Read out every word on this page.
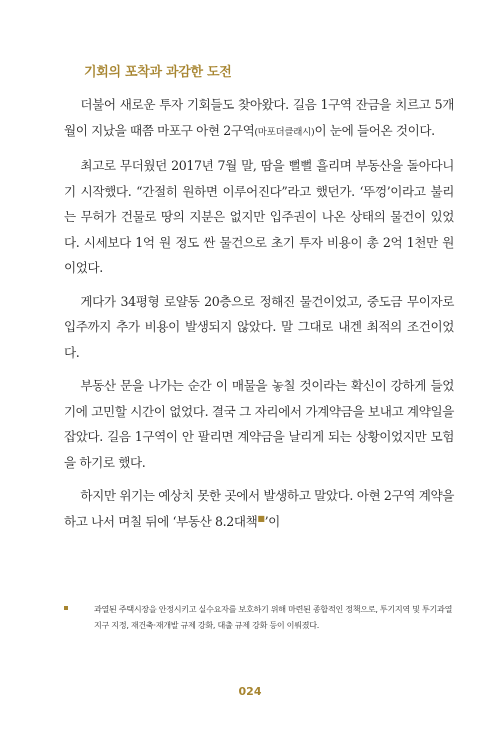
기회의 포착과 과감한 도전

더불어 새로운 투자 기회들도 찾아왔다. 길음 1구역 잔금을 치르고 5개월이 지났을 때쯤 마포구 아현 2구역(마포더클래시)이 눈에 들어온 것이다.

최고로 무더웠던 2017년 7월 말, 땀을 뻘뻘 흘리며 부동산을 돌아다니기 시작했다. “간절히 원하면 이루어진다”라고 했던가. ‘뚜껑’이라고 불리는 무허가 건물로 땅의 지분은 없지만 입주권이 나온 상태의 물건이 있었다. 시세보다 1억 원 정도 싼 물건으로 초기 투자 비용이 총 2억 1천만 원이었다.

게다가 34평형 로얄동 20층으로 정해진 물건이었고, 중도금 무이자로 입주까지 추가 비용이 발생되지 않았다. 말 그대로 내겐 최적의 조건이었다.

부동산 문을 나가는 순간 이 매물을 놓칠 것이라는 확신이 강하게 들었기에 고민할 시간이 없었다. 결국 그 자리에서 가계약금을 보내고 계약일을 잡았다. 길음 1구역이 안 팔리면 계약금을 날리게 되는 상황이었지만 모험을 하기로 했다.

하지만 위기는 예상치 못한 곳에서 발생하고 말았다. 아현 2구역 계약을 하고 나서 며칠 뒤에 ‘부동산 8.2대책■’이

과열된 주택시장을 안정시키고 실수요자를 보호하기 위해 마련된 종합적인 정책으로, 투기지역 및 투기과열지구 지정, 재건축·재개발 규제 강화, 대출 규제 강화 등이 이뤄졌다.
024
